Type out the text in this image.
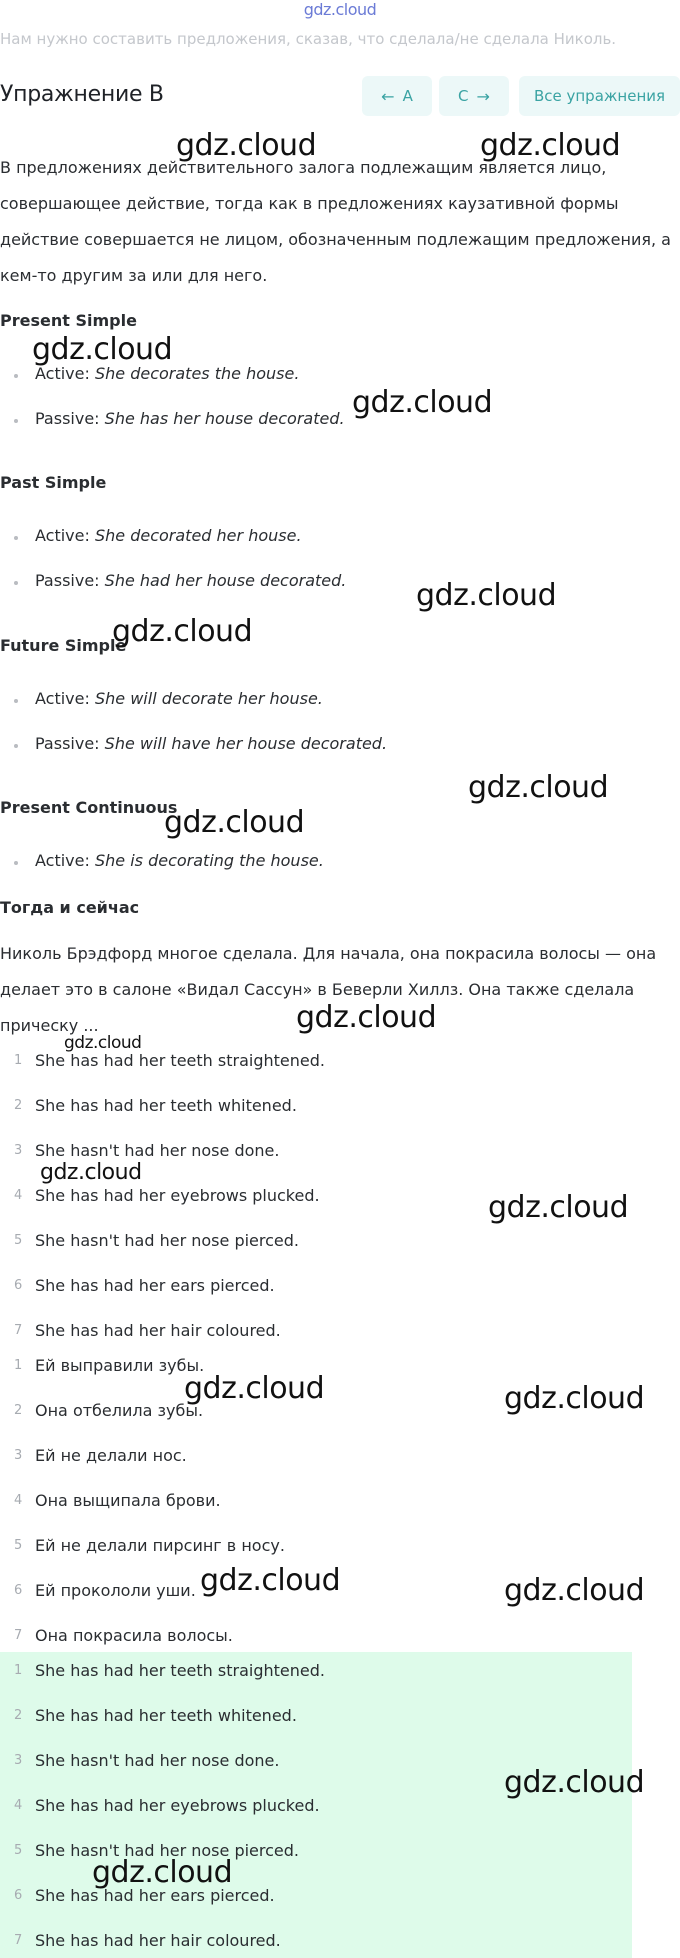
gdz.cloud
Нам нужно составить предложения, сказав, что сделала/не сделала Николь.
Упражнение B	← A	C →	Все упражнения
В предложениях действительного залога подлежащим является лицо, совершающее действие, тогда как в предложениях каузативной формы действие совершается не лицом, обозначенным подлежащим предложения, а кем-то другим за или для него.
Present Simple
Active: She decorates the house.
Passive: She has her house decorated.
Past Simple
Active: She decorated her house.
Passive: She had her house decorated.
Future Simple
Active: She will decorate her house.
Passive: She will have her house decorated.
Present Continuous
Active: She is decorating the house.
Тогда и сейчас
Николь Брэдфорд многое сделала. Для начала, она покрасила волосы — она делает это в салоне «Видал Сассун» в Беверли Хиллз. Она также сделала прическу ...
1 She has had her teeth straightened.
2 She has had her teeth whitened.
3 She hasn't had her nose done.
4 She has had her eyebrows plucked.
5 She hasn't had her nose pierced.
6 She has had her ears pierced.
7 She has had her hair coloured.
1 Ей выправили зубы.
2 Она отбелила зубы.
3 Ей не делали нос.
4 Она выщипала брови.
5 Ей не делали пирсинг в носу.
6 Ей прокололи уши.
7 Она покрасила волосы.
1 She has had her teeth straightened.
2 She has had her teeth whitened.
3 She hasn't had her nose done.
4 She has had her eyebrows plucked.
5 She hasn't had her nose pierced.
6 She has had her ears pierced.
7 She has had her hair coloured.
gdz.cloud	gdz.cloud
gdz.cloud
gdz.cloud
gdz.cloud
gdz.cloud
gdz.cloud
gdz.cloud
gdz.cloud
gdz.cloud
gdz.cloud
gdz.cloud	gdz.cloud
gdz.cloud	gdz.cloud
gdz.cloud
gdz.cloud
gdz.cloud
